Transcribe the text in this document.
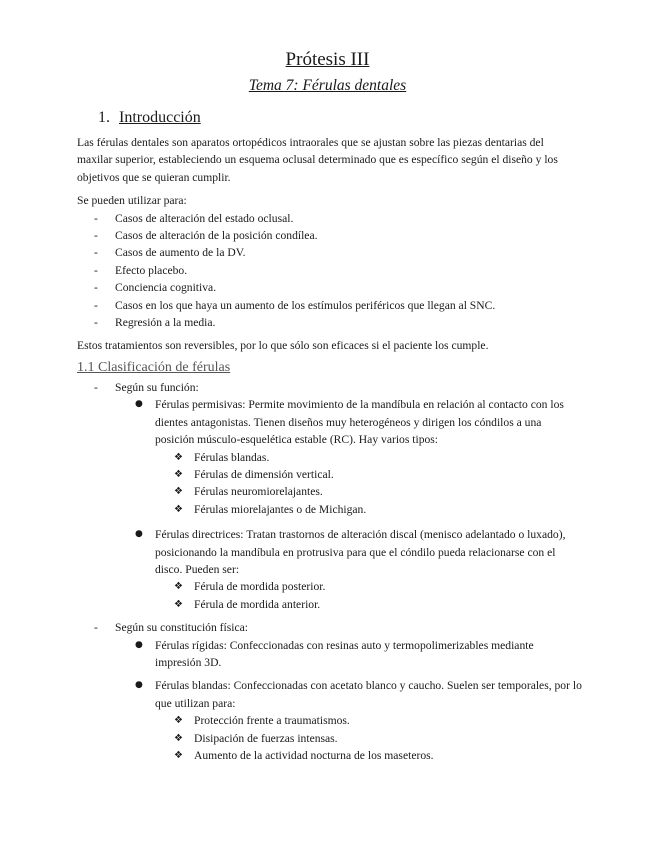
Prótesis III
Tema 7: Férulas dentales
1. Introducción

Las férulas dentales son aparatos ortopédicos intraorales que se ajustan sobre las piezas dentarias del maxilar superior, estableciendo un esquema oclusal determinado que es específico según el diseño y los objetivos que se quieran cumplir.

Se pueden utilizar para:

- Casos de alteración del estado oclusal.
- Casos de alteración de la posición condílea.
- Casos de aumento de la DV.
- Efecto placebo.
- Conciencia cognitiva.
- Casos en los que haya un aumento de los estímulos periféricos que llegan al SNC.
- Regresión a la media.

Estos tratamientos son reversibles, por lo que sólo son eficaces si el paciente los cumple.

1.1 Clasificación de férulas
- Según su función:
● Férulas permisivas: Permite movimiento de la mandíbula en relación al contacto con los dientes antagonistas. Tienen diseños muy heterogéneos y dirigen los cóndilos a una posición músculo-esquelética estable (RC). Hay varios tipos:
❖ Férulas blandas.
❖ Férulas de dimensión vertical.
❖ Férulas neuromiorelajantes.
❖ Férulas miorelajantes o de Michigan.
● Férulas directrices: Tratan trastornos de alteración discal (menisco adelantado o luxado), posicionando la mandíbula en protrusiva para que el cóndilo pueda relacionarse con el disco. Pueden ser:
❖ Férula de mordida posterior.
❖ Férula de mordida anterior.
- Según su constitución física:
● Férulas rígidas: Confeccionadas con resinas auto y termopolimerizables mediante impresión 3D.
● Férulas blandas: Confeccionadas con acetato blanco y caucho. Suelen ser temporales, por lo que utilizan para:
❖ Protección frente a traumatismos.
❖ Disipación de fuerzas intensas.
❖ Aumento de la actividad nocturna de los maseteros.
